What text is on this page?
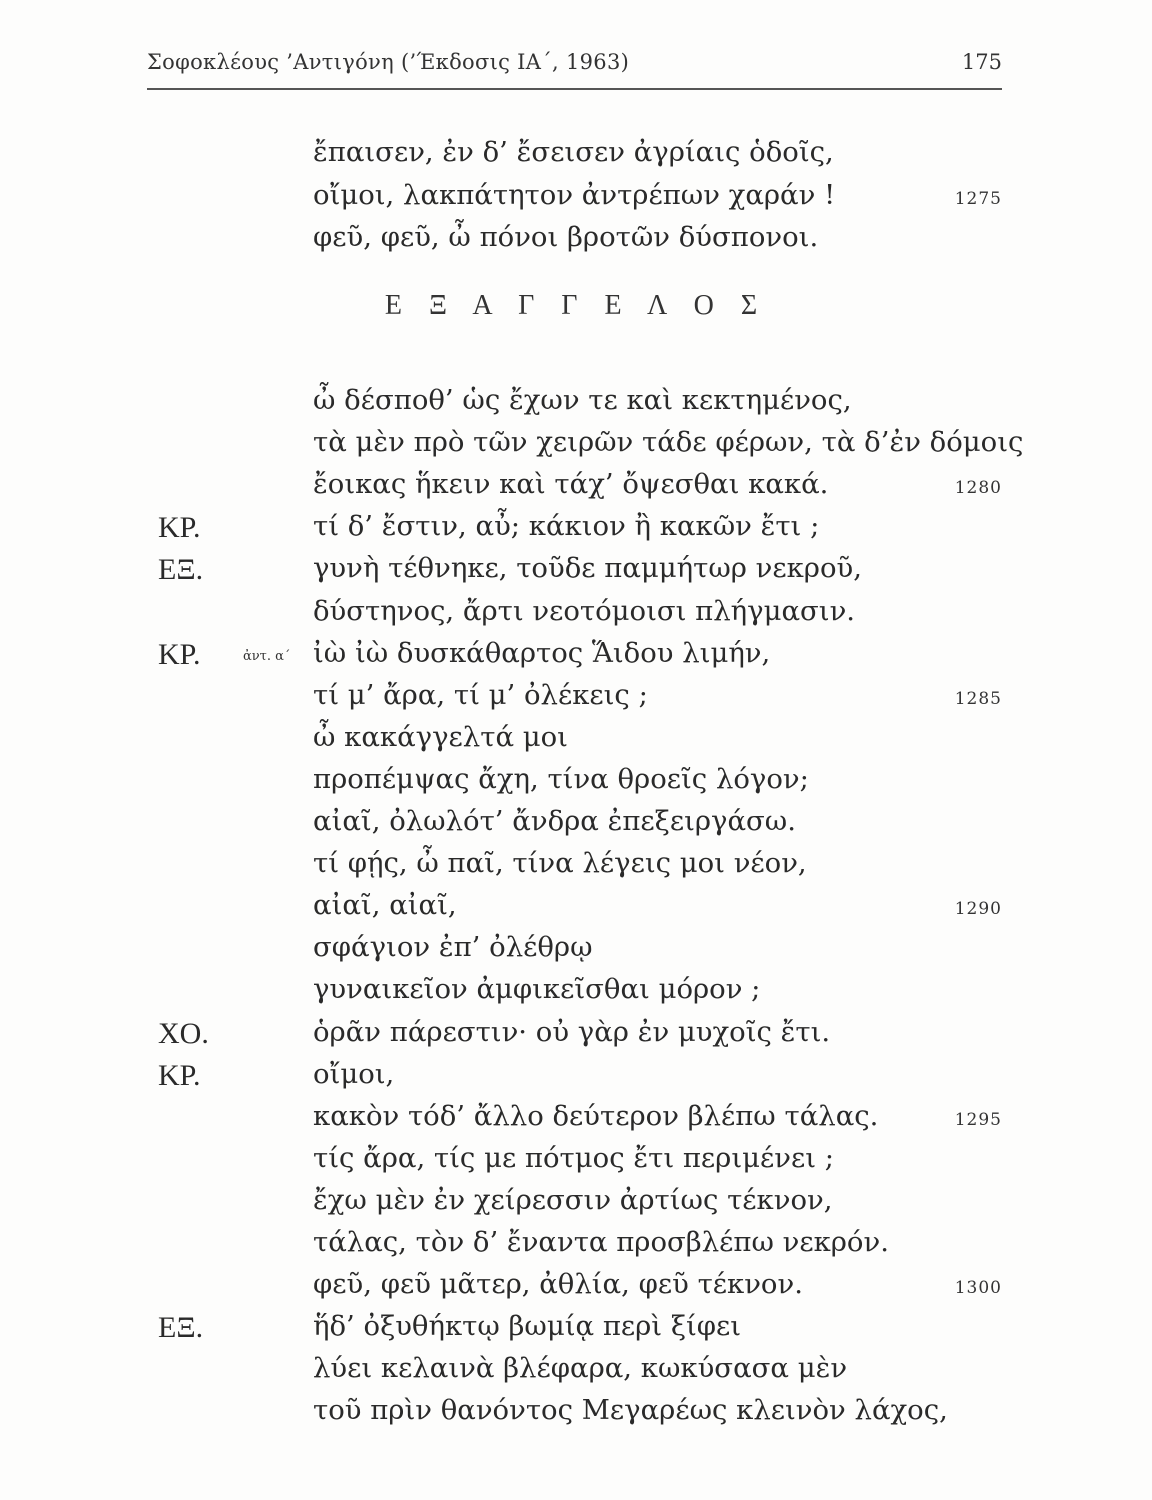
Σοφοκλέους ’Αντιγόνη (’Έκδοσις ΙΑ΄, 1963)	175
ἔπαισεν, ἐν δ’ ἔσεισεν ἀγρίαις ὁδοῖς,
οἴμοι, λακπάτητον ἀντρέπων χαράν !	1275
φεῦ, φεῦ, ὦ πόνοι βροτῶν δύσπονοι.
Ε Ξ Α Γ Γ Ε Λ Ο Σ
ὦ δέσποθ’ ὡς ἔχων τε καὶ κεκτημένος,
τὰ μὲν πρὸ τῶν χειρῶν τάδε φέρων, τὰ δ’ἐν δόμοις
ἔοικας ἥκειν καὶ τάχ’ ὄψεσθαι κακά.	1280
ΚΡ.	τί δ’ ἔστιν, αὖ; κάκιον ἢ κακῶν ἔτι ;
ΕΞ.	γυνὴ τέθνηκε, τοῦδε παμμήτωρ νεκροῦ,
δύστηνος, ἄρτι νεοτόμοισι πλήγμασιν.
ΚΡ.	ἀντ. α΄ ἰὼ ἰὼ δυσκάθαρτος Ἅιδου λιμήν,
τί μ’ ἄρα, τί μ’ ὀλέκεις ;	1285
ὦ κακάγγελτά μοι
προπέμψας ἄχη, τίνα θροεῖς λόγον;
αἰαῖ, ὀλωλότ’ ἄνδρα ἐπεξειργάσω.
τί φῄς, ὦ παῖ, τίνα λέγεις μοι νέον,
αἰαῖ, αἰαῖ,	1290
σφάγιον ἐπ’ ὀλέθρῳ
γυναικεῖον ἀμφικεῖσθαι μόρον ;
ΧΟ.	ὁρᾶν πάρεστιν· οὐ γὰρ ἐν μυχοῖς ἔτι.
ΚΡ.	οἴμοι,
κακὸν τόδ’ ἄλλο δεύτερον βλέπω τάλας.	1295
τίς ἄρα, τίς με πότμος ἔτι περιμένει ;
ἔχω μὲν ἐν χείρεσσιν ἀρτίως τέκνον,
τάλας, τὸν δ’ ἔναντα προσβλέπω νεκρόν.
φεῦ, φεῦ μᾶτερ, ἀθλία, φεῦ τέκνον.	1300
ΕΞ.	ἥδ’ ὀξυθήκτῳ βωμίᾳ περὶ ξίφει
λύει κελαινὰ βλέφαρα, κωκύσασα μὲν
τοῦ πρὶν θανόντος Μεγαρέως κλεινὸν λάχος,
